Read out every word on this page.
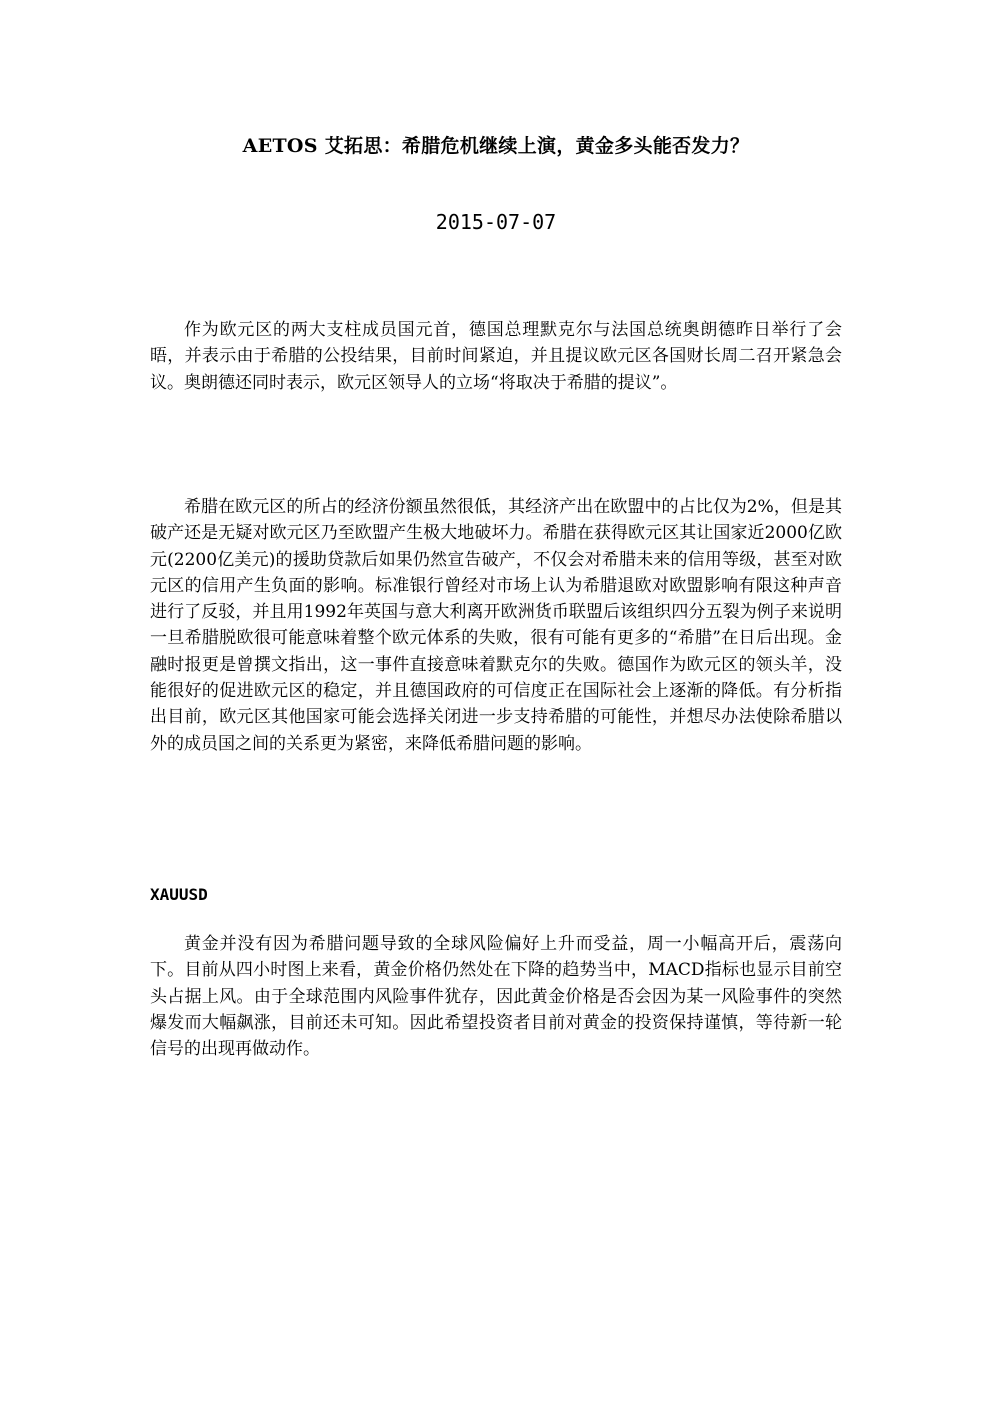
AETOS 艾拓思：希腊危机继续上演，黄金多头能否发力？
2015-07-07

作为欧元区的两大支柱成员国元首，德国总理默克尔与法国总统奥朗德昨日举行了会晤，并表示由于希腊的公投结果，目前时间紧迫，并且提议欧元区各国财长周二召开紧急会议。奥朗德还同时表示，欧元区领导人的立场“将取决于希腊的提议”。

希腊在欧元区的所占的经济份额虽然很低，其经济产出在欧盟中的占比仅为2%，但是其破产还是无疑对欧元区乃至欧盟产生极大地破坏力。希腊在获得欧元区其让国家近2000亿欧元(2200亿美元)的援助贷款后如果仍然宣告破产，不仅会对希腊未来的信用等级，甚至对欧元区的信用产生负面的影响。标准银行曾经对市场上认为希腊退欧对欧盟影响有限这种声音进行了反驳，并且用1992年英国与意大利离开欧洲货币联盟后该组织四分五裂为例子来说明一旦希腊脱欧很可能意味着整个欧元体系的失败，很有可能有更多的“希腊”在日后出现。金融时报更是曾撰文指出，这一事件直接意味着默克尔的失败。德国作为欧元区的领头羊，没能很好的促进欧元区的稳定，并且德国政府的可信度正在国际社会上逐渐的降低。有分析指出目前，欧元区其他国家可能会选择关闭进一步支持希腊的可能性，并想尽办法使除希腊以外的成员国之间的关系更为紧密，来降低希腊问题的影响。

XAUUSD

黄金并没有因为希腊问题导致的全球风险偏好上升而受益，周一小幅高开后，震荡向下。目前从四小时图上来看，黄金价格仍然处在下降的趋势当中，MACD指标也显示目前空头占据上风。由于全球范围内风险事件犹存，因此黄金价格是否会因为某一风险事件的突然爆发而大幅飙涨，目前还未可知。因此希望投资者目前对黄金的投资保持谨慎，等待新一轮信号的出现再做动作。
